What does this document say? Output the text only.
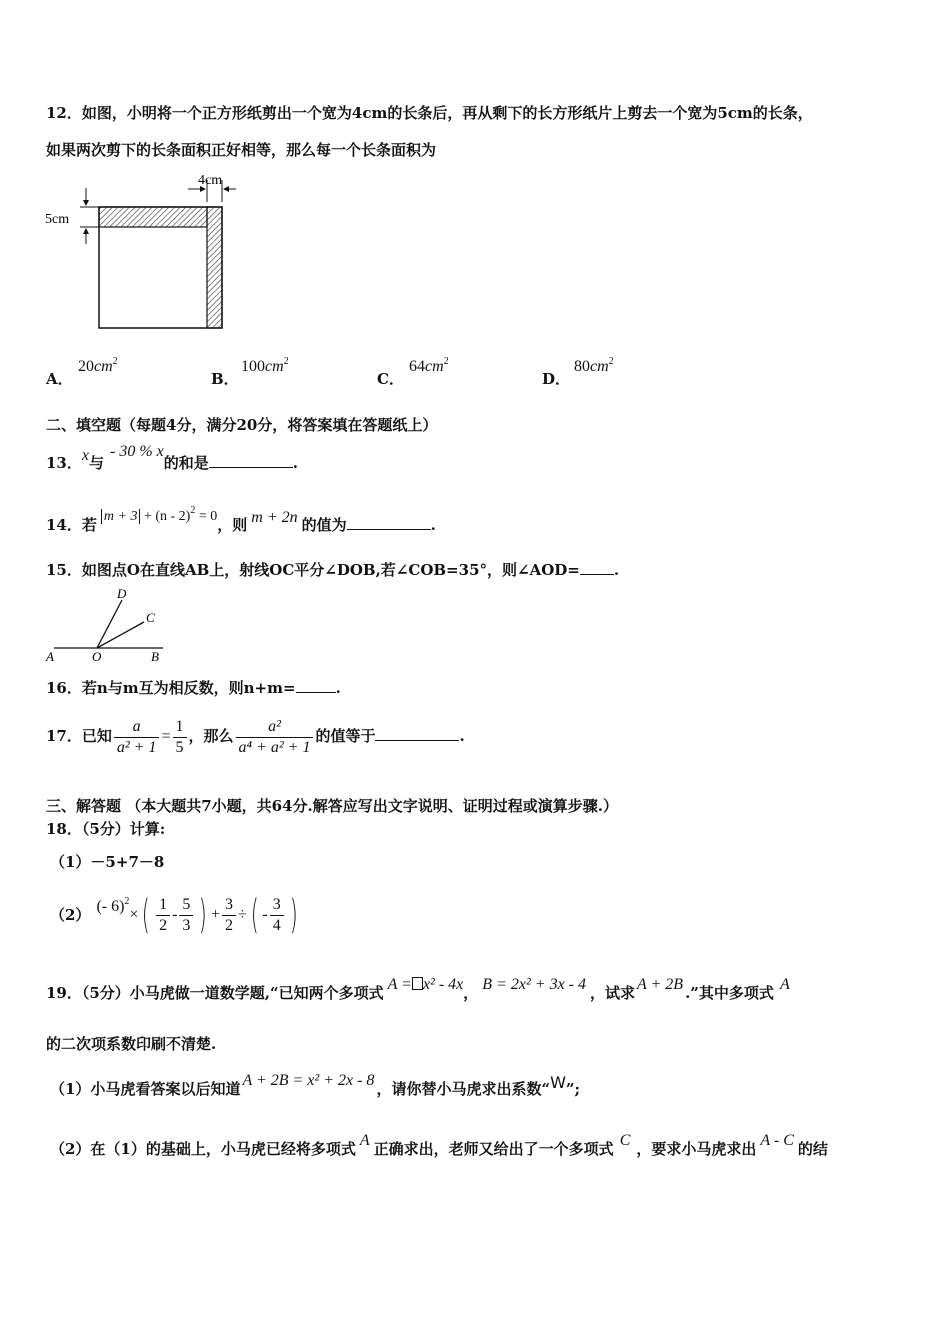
12．如图，小明将一个正方形纸剪出一个宽为4cm的长条后，再从剩下的长方形纸片上剪去一个宽为5cm的长条，
如果两次剪下的长条面积正好相等，那么每一个长条面积为
4cm
5cm
A．
$20cm^2$
B．
$100cm^2$
C．
$64cm^2$
D．
$80cm^2$
二、填空题（每题4分，满分20分，将答案填在答题纸上）
13．x与- 30 % x的和是	.
14．若 m + 3 + (n - 2)$^2$ = 0，则 m + 2n 的值为	.
15．如图点O在直线AB上，射线OC平分∠DOB,若∠COB=35°，则∠AOD= .
D
C
A	O	B
16．若n与m互为相反数，则n+m=	.
17．已知 $\frac{a}{\text{a² + 1}} = \frac{1}{5}$ ，那么 $\frac{\text{a²}}{\text{a⁴ + a² + 1}}$ 的值等于	.
三、解答题 （本大题共7小题，共64分.解答应写出文字说明、证明过程或演算步骤.）
18．（5分）计算:
（1）－5+7－8
（2） (- $6)^2\times( \frac{1}{2} - \frac{5}{3}$ ) + $\frac{3}{2}$ ÷( - $\frac{3}{4}$ )
19．（5分）小马虎做一道数学题,“已知两个多项式 A = x² - 4x， B = 2x² + 3x - 4 ，试求 A + 2B .”其中多项式 A
的二次项系数印刷不清楚.
（1）小马虎看答案以后知道 A + 2B = x² + 2x - 8 ，请你替小马虎求出系数“W”;
（2）在（1）的基础上，小马虎已经将多项式 A 正确求出，老师又给出了一个多项式 C ，要求小马虎求出 A - C 的结
